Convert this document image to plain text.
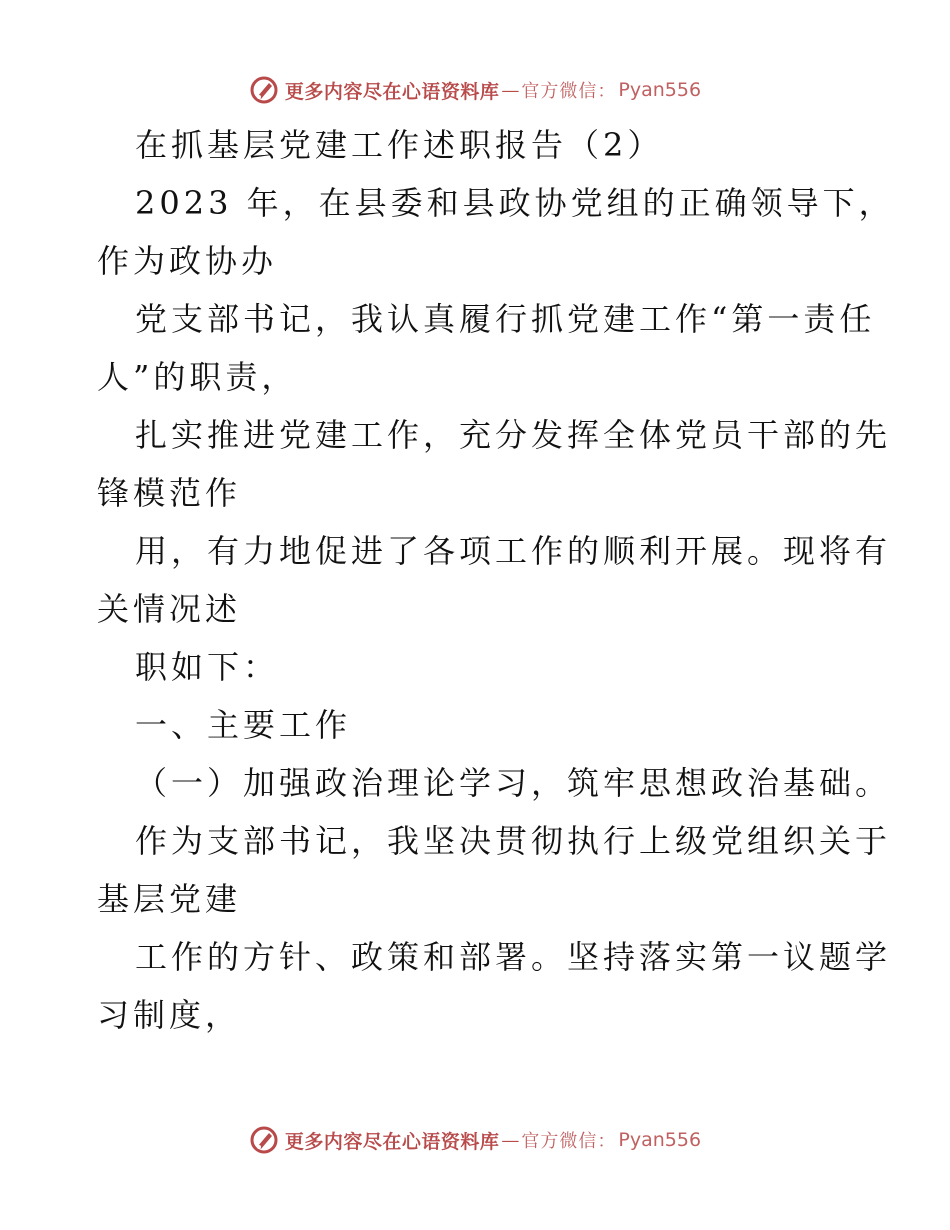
更多内容尽在心语资料库 — 官方微信： Pyan556
在抓基层党建工作述职报告（2）
2023 年，在县委和县政协党组的正确领导下，
作为政协办
党支部书记，我认真履行抓党建工作“第一责任
人”的职责，
扎实推进党建工作，充分发挥全体党员干部的先
锋模范作
用，有力地促进了各项工作的顺利开展。现将有
关情况述
职如下：
一、主要工作
（一）加强政治理论学习，筑牢思想政治基础。
作为支部书记，我坚决贯彻执行上级党组织关于
基层党建
工作的方针、政策和部署。坚持落实第一议题学
习制度，
更多内容尽在心语资料库 — 官方微信： Pyan556
